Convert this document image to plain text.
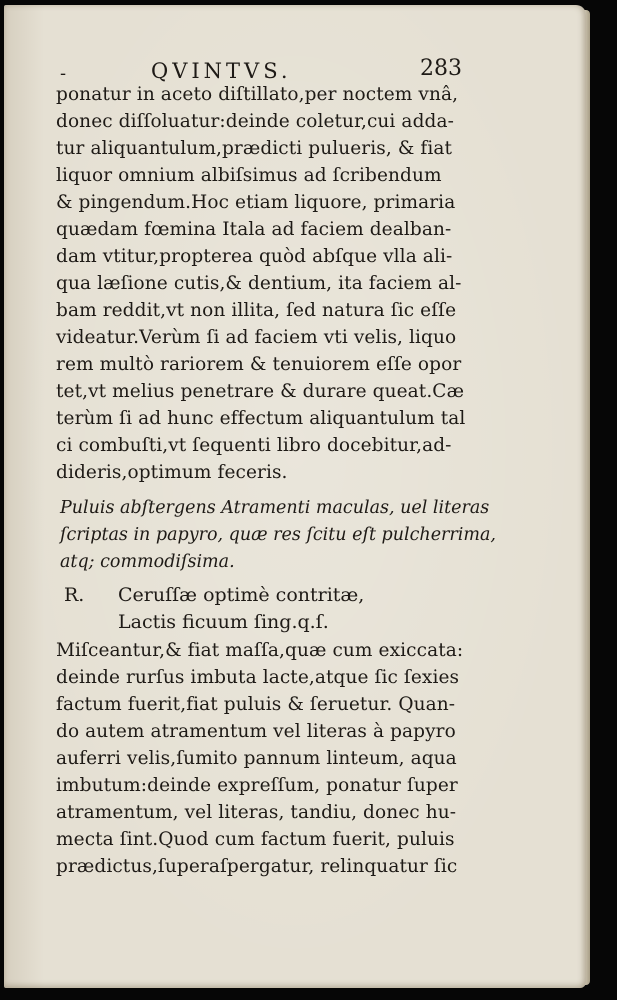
-	QVINTVS.	283
ponatur in aceto diſtillato,per noctem vnâ,
donec diſſoluatur:deinde coletur,cui adda-
tur aliquantulum,prædicti pulueris, & fiat
liquor omnium albiſsimus ad ſcribendum
& pingendum.Hoc etiam liquore, primaria
quædam fœmina Itala ad faciem dealban-
dam vtitur,propterea quòd abſque vlla ali-
qua læſione cutis,& dentium, ita faciem al-
bam reddit,vt non illita, ſed natura ſic eſſe
videatur.Verùm ſi ad faciem vti velis, liquo
rem multò rariorem & tenuiorem eſſe opor
tet,vt melius penetrare & durare queat.Cæ
terùm ſi ad hunc effectum aliquantulum tal
ci combuſti,vt ſequenti libro docebitur,ad-
dideris,optimum feceris.
Puluis abſtergens Atramenti maculas, uel literas
ſcriptas in papyro, quæ res ſcitu eſt pulcherrima,
atq; commodiſsima.
R. Ceruſſæ optimè contritæ,
Lactis ficuum ſing.q.ſ.
Miſceantur,& fiat maſſa,quæ cum exiccata:
deinde rurſus imbuta lacte,atque ſic ſexies
factum fuerit,fiat puluis & ſeruetur. Quan-
do autem atramentum vel literas à papyro
auferri velis,ſumito pannum linteum, aqua
imbutum:deinde expreſſum, ponatur ſuper
atramentum, vel literas, tandiu, donec hu-
mecta ſint.Quod cum factum fuerit, puluis
prædictus,ſuperaſpergatur, relinquatur ſic
